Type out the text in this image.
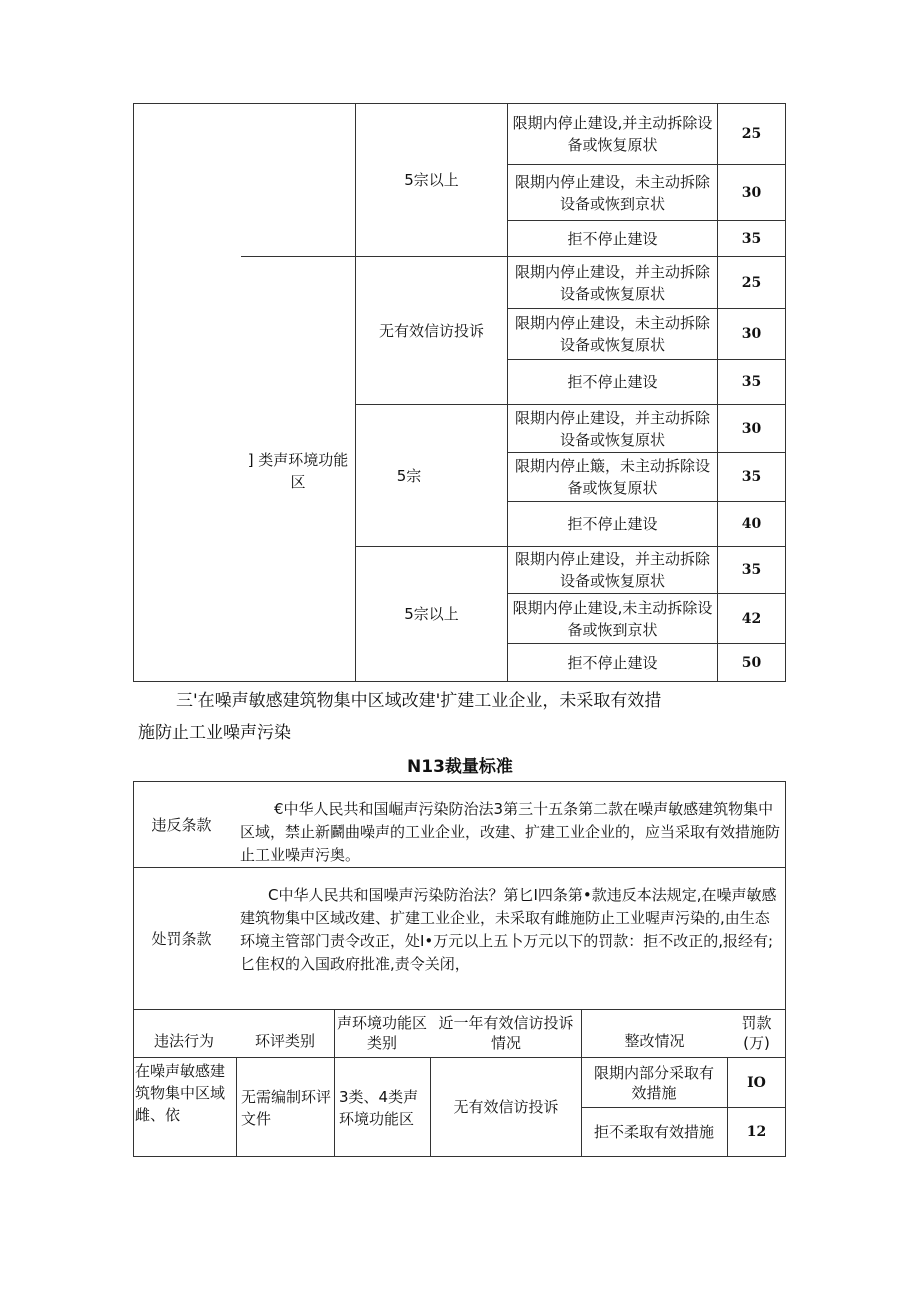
] 类声环境功能区
5宗以上
无有效信访投诉
5宗
5宗以上
限期内停止建设,并主动拆除设备或恢复原状
限期内停止建设，未主动拆除设备或恢到京状
拒不停止建设
限期内停止建设，并主动拆除设备或恢复原状
限期内停止建设，未主动拆除设备或恢复原状
拒不停止建设
限期内停止建设，并主动拆除设备或恢复原状
限期内停止簸，未主动拆除设备或恢复原状
拒不停止建设
限期内停止建设，并主动拆除设备或恢复原状
限期内停止建设,未主动拆除设备或恢到京状
拒不停止建设
25
30
35
25
30
35
30
35
40
35
42
50
三'在噪声敏感建筑物集中区域改建'扩建工业企业，未采取有效措
施防止工业噪声污染
N13裁量标准
违反条款
€中华人民共和国崛声污染防治法3第三十五条第二款在噪声敏感建筑物集中区域，禁止新鬬曲噪声的工业企业，改建、扩建工业企业的，应当采取有效措施防止工业噪声污奥。
处罚条款
C中华人民共和国噪声污染防治法？第匕I四条第•款违反本法规定,在噪声敏感建筑物集中区域改建、扩建工业企业，未采取有雌施防止工业喔声污染的,由生态环境主管部门责令改正，处I•万元以上五卜万元以下的罚款：拒不改正的,报经有;匕隹权的入国政府批准,责令关闭，
违法行为	环评类别
声环境功能区类别
近一年有效信访投诉情况	整改情况
罚款(万)
在噪声敏感建筑物集中区域雌、依
无需编制环评文件
3类、4类声环境功能区
无有效信访投诉
限期内部分采取有效措施
拒不柔取有效措施
IO
12
